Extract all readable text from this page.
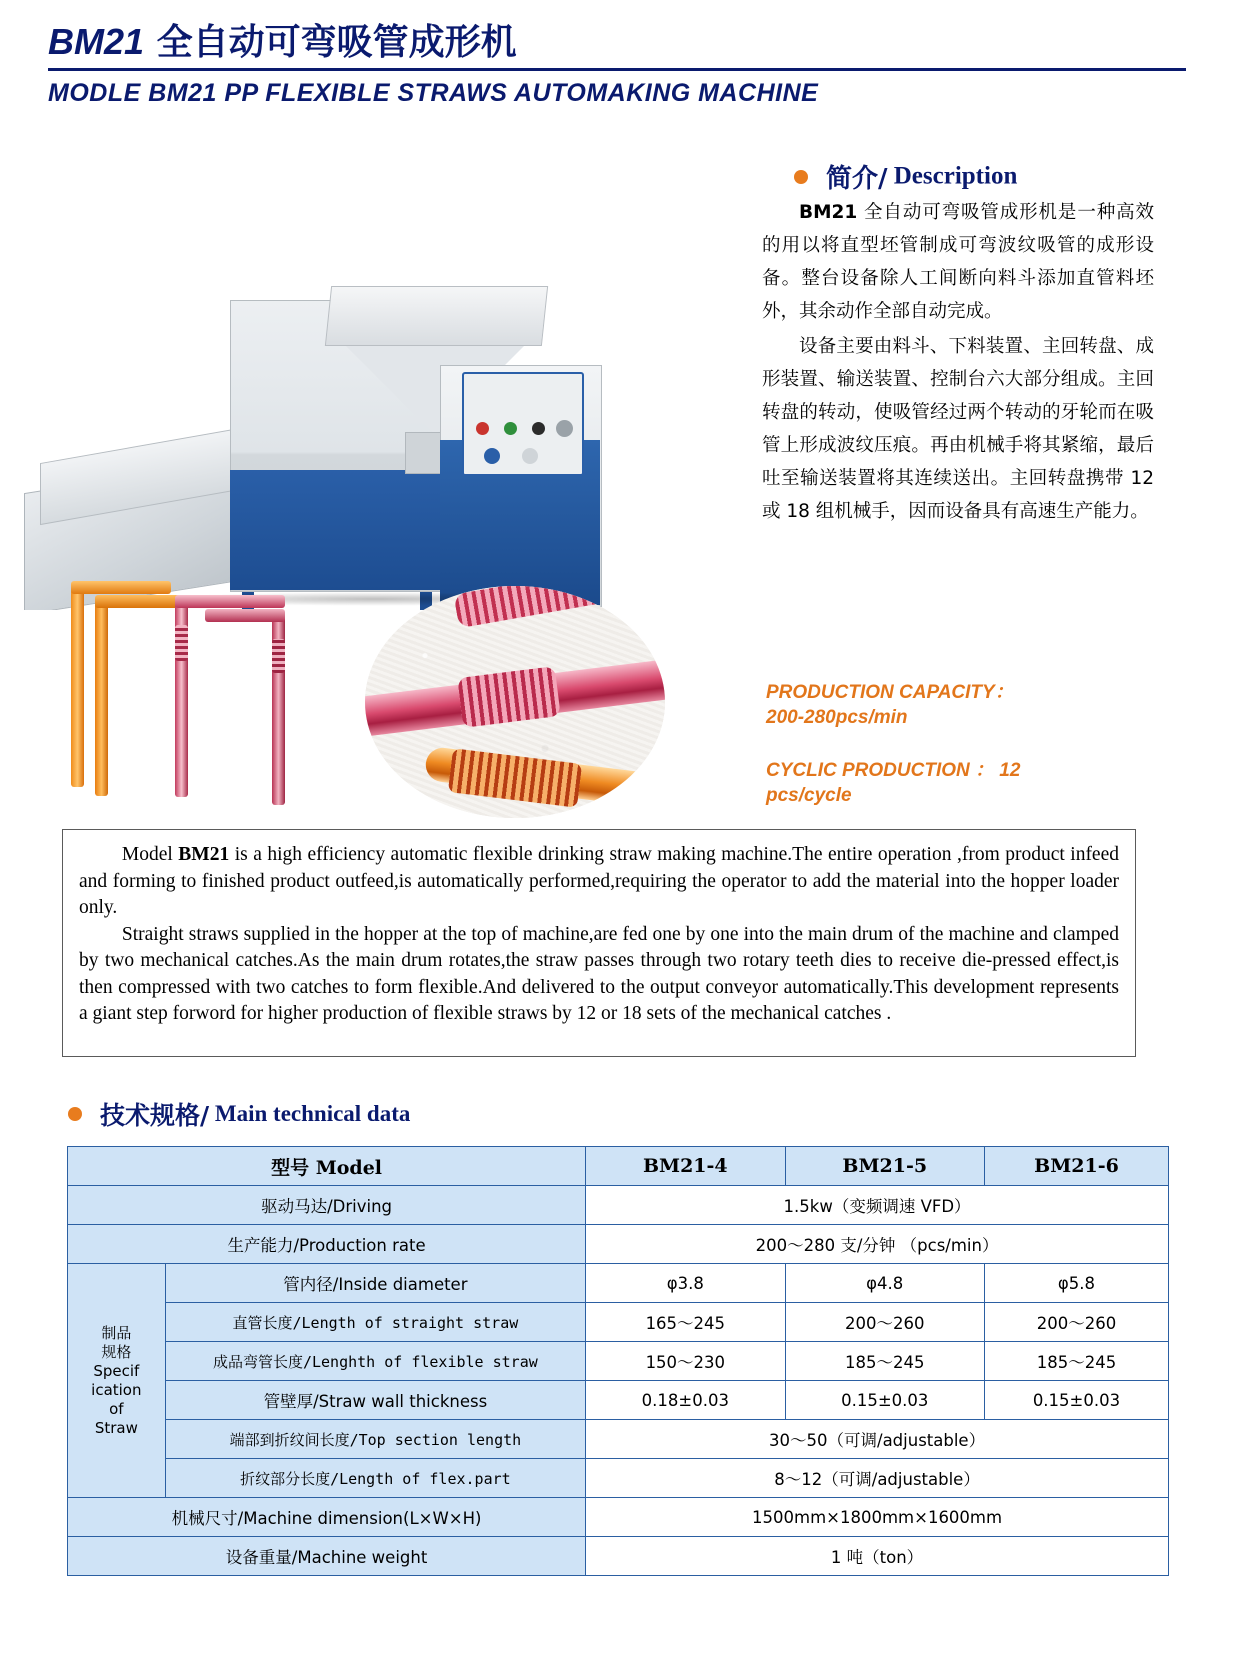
BM21 全自动可弯吸管成形机
MODLE BM21 PP FLEXIBLE STRAWS AUTOMAKING MACHINE
简介/ Description

BM21 全自动可弯吸管成形机是一种高效的用以将直型坯管制成可弯波纹吸管的成形设备。整台设备除人工间断向料斗添加直管料坯外，其余动作全部自动完成。

设备主要由料斗、下料装置、主回转盘、成形装置、输送装置、控制台六大部分组成。主回转盘的转动，使吸管经过两个转动的牙轮而在吸管上形成波纹压痕。再由机械手将其紧缩，最后吐至输送装置将其连续送出。主回转盘携带 12 或 18 组机械手，因而设备具有高速生产能力。

PRODUCTION CAPACITY：
200-280pcs/min
CYCLIC PRODUCTION ： 12
pcs/cycle

Model BM21 is a high efficiency automatic flexible drinking straw making machine.The entire operation ,from product infeed and forming to finished product outfeed,is automatically performed,requiring the operator to add the material into the hopper loader only.

Straight straws supplied in the hopper at the top of machine,are fed one by one into the main drum of the machine and clamped by two mechanical catches.As the main drum rotates,the straw passes through two rotary teeth dies to receive die-pressed effect,is then compressed with two catches to form flexible.And delivered to the output conveyor automatically.This development represents a giant step forword for higher production of flexible straws by 12 or 18 sets of the mechanical catches .

技术规格/ Main technical data
型号 Model		BM21-4	BM21-5	BM21-6
驱动马达/Driving		1.5kw（变频调速 VFD）		
生产能力/Production rate		200～280 支/分钟 （pcs/min）		

制品
规格
Specif
ication
of
Straw
	管内径/Inside diameter	φ3.8	φ4.8	φ5.8
	直管长度/Length of straight straw	165～245	200～260	200～260
	成品弯管长度/Lenghth of flexible straw	150～230	185～245	185～245
	管壁厚/Straw wall thickness	0.18±0.03	0.15±0.03	0.15±0.03
	端部到折纹间长度/Top section length	30～50（可调/adjustable）		
	折纹部分长度/Length of flex.part	8～12（可调/adjustable）		
机械尺寸/Machine dimension(L×W×H)		1500mm×1800mm×1600mm		
设备重量/Machine weight		1 吨（ton）		
